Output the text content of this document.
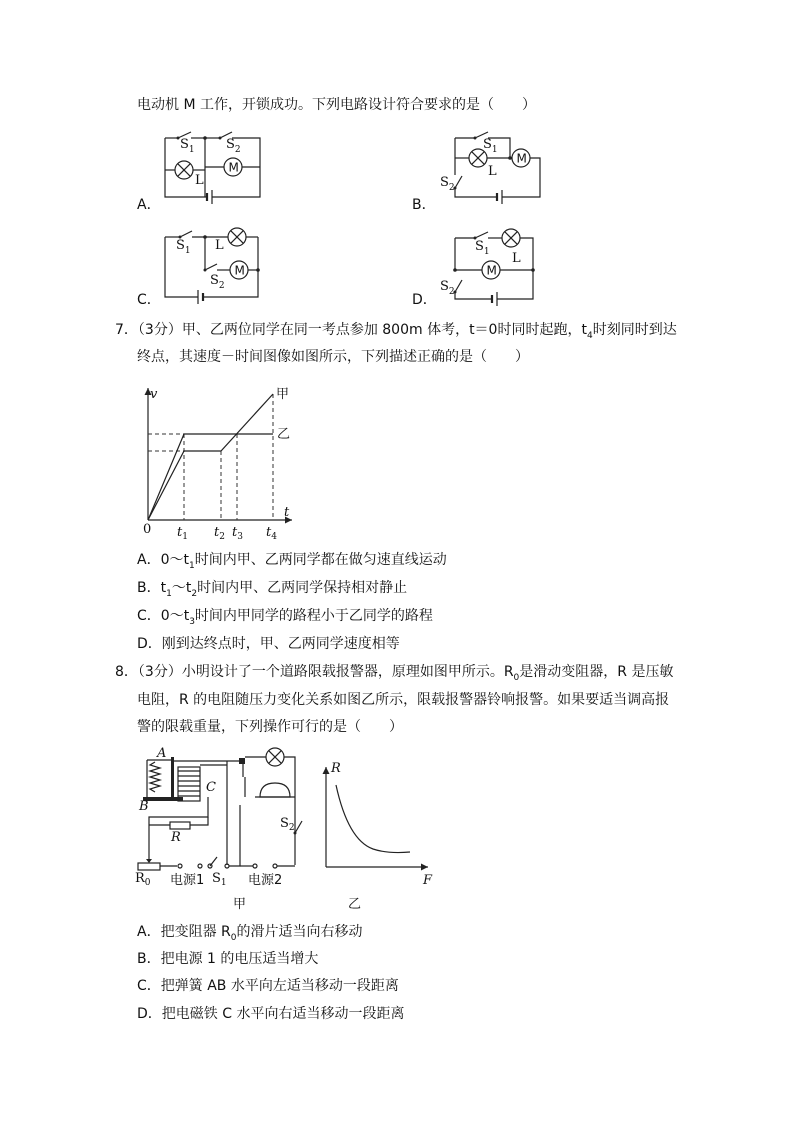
电动机 M 工作，开锁成功。下列电路设计符合要求的是（　　）
A．
M
$S_1$ $S_2$
L
B．
M
$S_1$
$S_2$
L
C．
M
$S_1$ L
$S_2$
D．
M
$S_1$ L
$S_2$
7．（3分）甲、乙两位同学在同一考点参加 800m 体考，t＝0时同时起跑，$t_4$时刻同时到达
终点，其速度－时间图像如图所示，下列描述正确的是（　　）
v
t
0 $t_1$ $t_2$ $t_3$ $t_4$
甲
乙
A．$0\sim t_1$时间内甲、乙两同学都在做匀速直线运动
B．$t_1\sim t_2$时间内甲、乙两同学保持相对静止
C．$0\sim t_3$时间内甲同学的路程小于乙同学的路程
D．刚到达终点时，甲、乙两同学速度相等
8．（3分）小明设计了一个道路限载报警器，原理如图甲所示。$R_0$是滑动变阻器，R 是压敏
电阻，R 的电阻随压力变化关系如图乙所示，限载报警器铃响报警。如果要适当调高报
警的限载重量，下列操作可行的是（　　）
A
B
C
R
$R_0$ 电源1 $S_1$ 电源2
$S_2$
甲
R
F
乙
A．把变阻器 $R_0$的滑片适当向右移动
B．把电源 1 的电压适当增大
C．把弹簧 AB 水平向左适当移动一段距离
D．把电磁铁 C 水平向右适当移动一段距离
